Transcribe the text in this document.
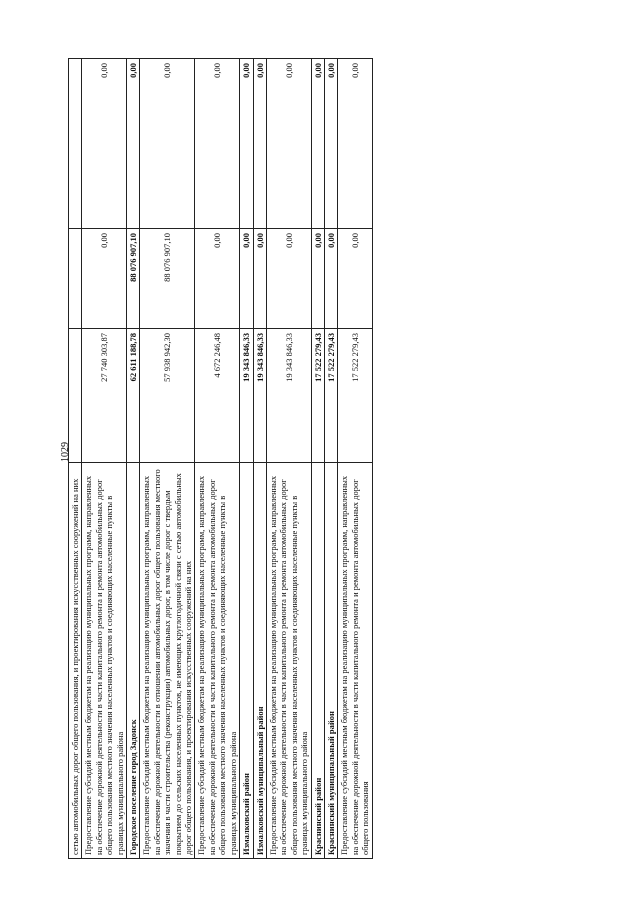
1029
сетью автомобильных дорог общего пользования, и проектирования искусственных сооружений на них			
Предоставление субсидий местным бюджетам на реализацию муниципальных программ, направленных на обеспечение дорожной деятельности в части капитального ремонта и ремонта автомобильных дорог общего пользования местного значения населенных пунктов и соединяющих населенные пункты в границах муниципального района	27 740 303,87	0,00	0,00
Городское поселение город Задонск	62 611 188,78	88 076 907,10	0,00
Предоставление субсидий местным бюджетам на реализацию муниципальных программ, направленных на обеспечение дорожной деятельности в отношении автомобильных дорог общего пользования местного значения в части строительства (реконструкции) автомобильных дорог, в том числе дорог с твердым покрытием до сельских населенных пунктов, не имеющих круглогодичной связи с сетью автомобильных дорог общего пользования, и проектирования искусственных сооружений на них	57 938 942,30	88 076 907,10	0,00
Предоставление субсидий местным бюджетам на реализацию муниципальных программ, направленных на обеспечение дорожной деятельности в части капитального ремонта и ремонта автомобильных дорог общего пользования местного значения населенных пунктов и соединяющих населенные пункты в границах муниципального района	4 672 246,48	0,00	0,00
Измалковский район	19 343 846,33	0,00	0,00
Измалковский муниципальный район	19 343 846,33	0,00	0,00
Предоставление субсидий местным бюджетам на реализацию муниципальных программ, направленных на обеспечение дорожной деятельности в части капитального ремонта и ремонта автомобильных дорог общего пользования местного значения населенных пунктов и соединяющих населенные пункты в границах муниципального района	19 343 846,33	0,00	0,00
Краснинский район	17 522 279,43	0,00	0,00
Краснинский муниципальный район	17 522 279,43	0,00	0,00
Предоставление субсидий местным бюджетам на реализацию муниципальных программ, направленных на обеспечение дорожной деятельности в части капитального ремонта и ремонта автомобильных дорог общего пользования	17 522 279,43	0,00	0,00
